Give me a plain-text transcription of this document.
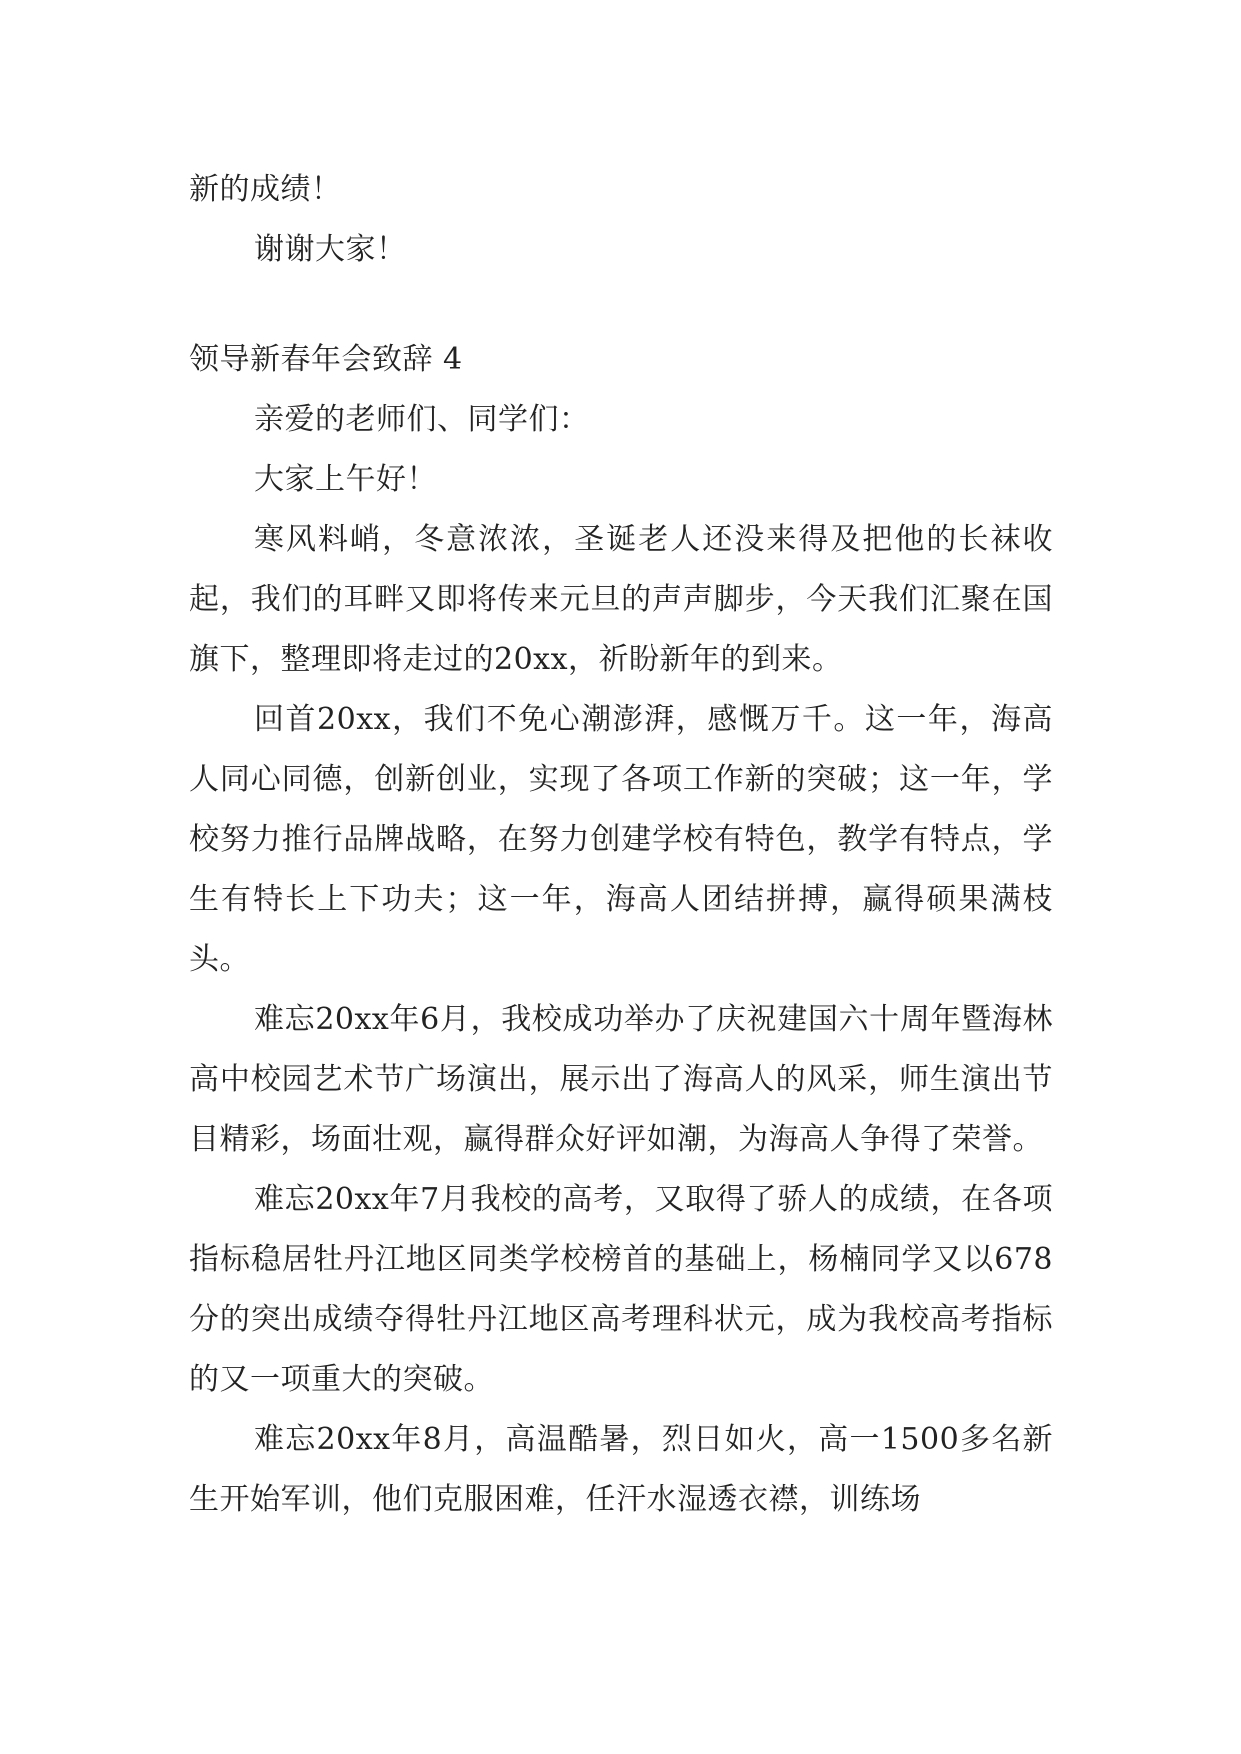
新的成绩！

谢谢大家！

领导新春年会致辞 4

亲爱的老师们、同学们：

大家上午好！

寒风料峭，冬意浓浓，圣诞老人还没来得及把他的长袜收起，我们的耳畔又即将传来元旦的声声脚步，今天我们汇聚在国旗下，整理即将走过的20xx，祈盼新年的到来。

回首20xx，我们不免心潮澎湃，感慨万千。这一年，海高人同心同德，创新创业，实现了各项工作新的突破；这一年，学校努力推行品牌战略，在努力创建学校有特色，教学有特点，学生有特长上下功夫；这一年，海高人团结拼搏，赢得硕果满枝头。

难忘20xx年6月，我校成功举办了庆祝建国六十周年暨海林高中校园艺术节广场演出，展示出了海高人的风采，师生演出节目精彩，场面壮观，赢得群众好评如潮，为海高人争得了荣誉。

难忘20xx年7月我校的高考，又取得了骄人的成绩，在各项指标稳居牡丹江地区同类学校榜首的基础上，杨楠同学又以678分的突出成绩夺得牡丹江地区高考理科状元，成为我校高考指标的又一项重大的突破。

难忘20xx年8月，高温酷暑，烈日如火，高一1500多名新生开始军训，他们克服困难，任汗水湿透衣襟，训练场
